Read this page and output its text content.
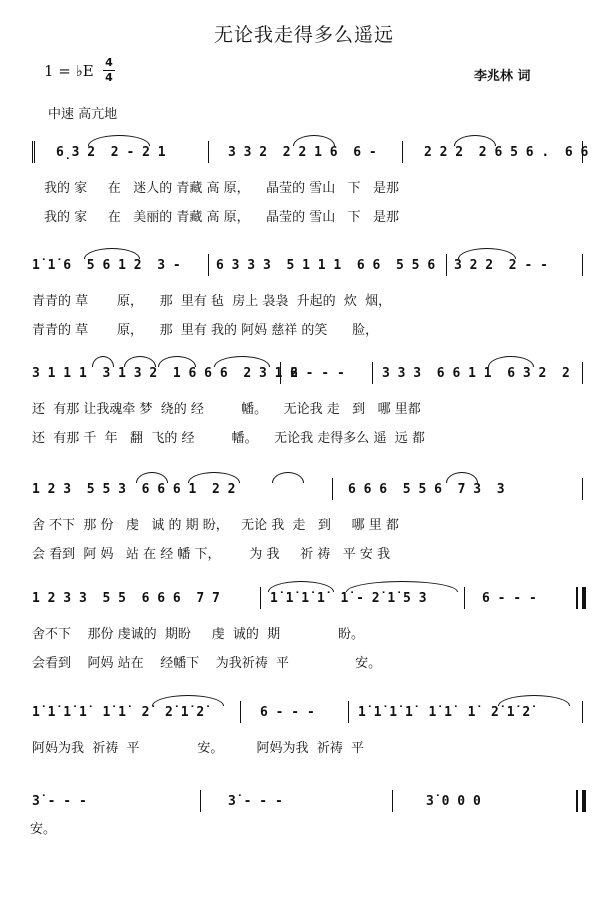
无论我走得多么遥远
1 = ♭E 4
4	李兆林 词
中速 高亢地

6̣3 2  2 - 2 1

	3 3 2  2 2 1 6  6 -

	2 2 2  2 6 5 6 .  6 6

我的 家     在   迷人的 青藏 高 原，    晶莹的 雪山   下   是那
我的 家     在   美丽的 青藏 高 原，    晶莹的 雪山   下   是那

1̇ 1̇ 6  5 6 1 2  3 -

	6 3 3 3  5 1 1 1  6 6  5 5 6

3 2 2  2 - -

青青的 草       原，    那  里有 毡  房上 袅袅  升起的  炊  烟，
青青的 草       原，    那  里有 我的 阿妈 慈祥 的笑      脸，

3 1 1 1  3 1 3 2  1 6 6 6  2 3 1 2

6 - - -

	3 3 3  6 6 1 1  6 3 2  2

还  有那 让我魂牵 梦  绕的 经         幡。    无论我 走   到   哪 里都
还  有那 千  年   翻  飞的 经         幡。    无论我 走得多么 遥  远 都

1 2 3  5 5 3  6 6 6 1  2 2

	6 6 6  5 5 6  7 3  3

舍 不下  那 份   虔   诚 的 期 盼，   无论 我  走   到     哪 里 都
会 看到  阿 妈   站 在 经 幡 下，       为 我     祈 祷   平 安 我

1 2 3 3  5 5  6 6 6  7 7

	1̇ 1̇ 1̇ 1̇  1̇ - 2̇ 1̇ 5 3

	6 - - -

舍不下    那份 虔诚的  期盼     虔  诚的  期              盼。
会看到    阿妈 站在    经幡下    为我祈祷  平                安。

1̇ 1̇ 1̇ 1̇  1̇ 1̇  2̇  2̇ 1̇ 2̇

	6 - - -

	1̇ 1̇ 1̇ 1̇  1̇ 1̇  1̇  2̇ 1̇ 2̇

阿妈为我  祈祷  平              安。        阿妈为我  祈祷  平

3̇ - - -

	3̇ - - -

	3̇ 0 0 0

安。
